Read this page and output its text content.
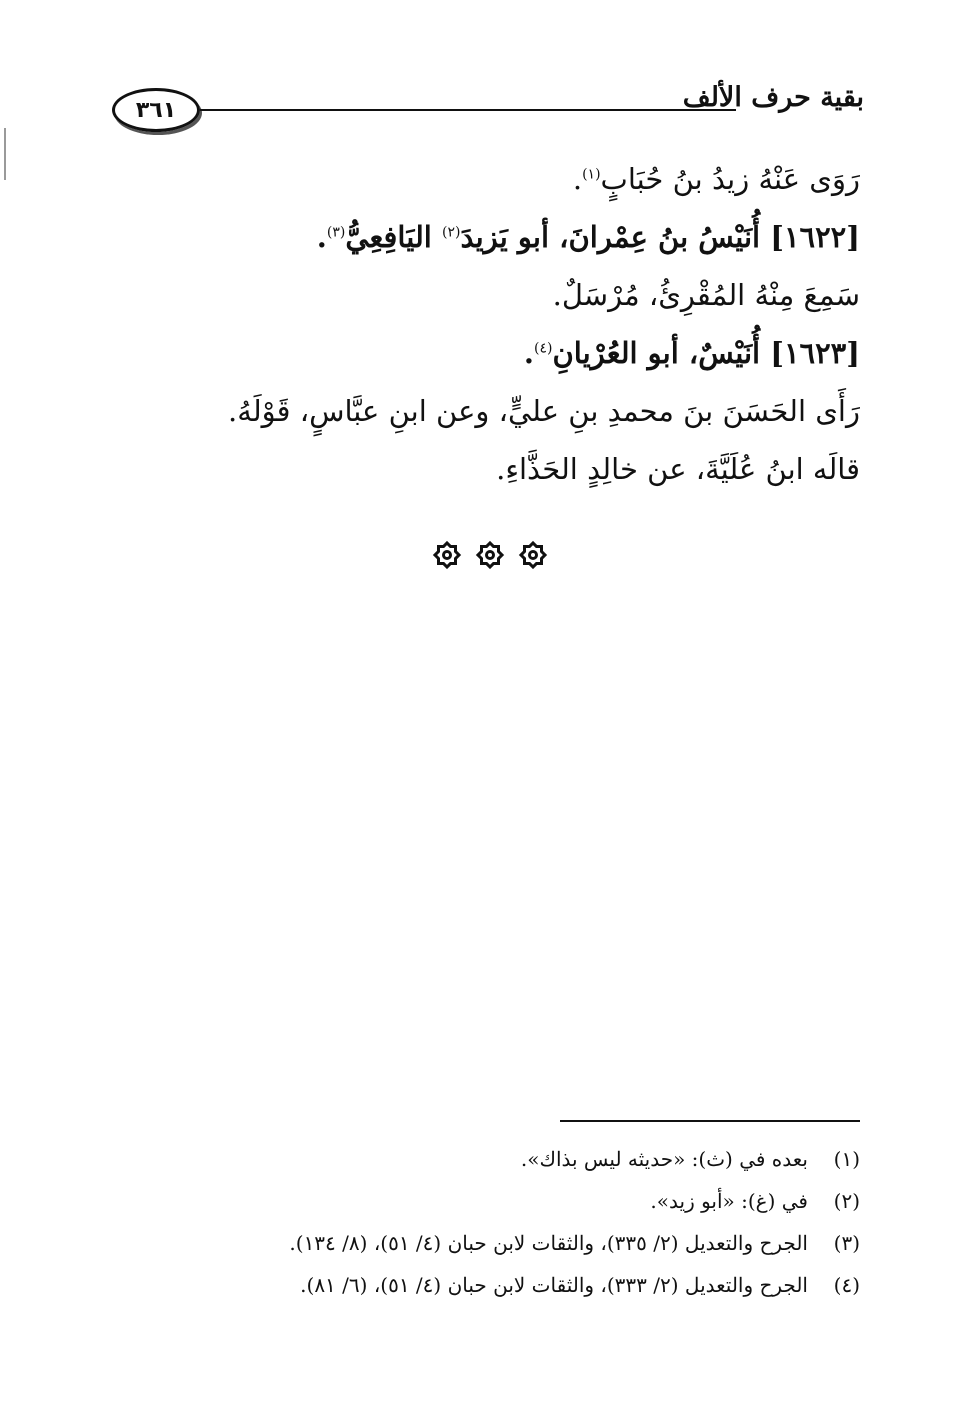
٣٦١	بقية حرف الألف
رَوَى عَنْهُ زيدُ بنُ حُبَابٍ$^{(١)}$.
[١٦٢٢] أُنَيْسُ بنُ عِمْرانَ، أبو يَزيدَ$^{(٢)}$ اليَافِعِيُّ$^{(٣)}$.
سَمِعَ مِنْهُ المُقْرِئُ، مُرْسَلٌ.
[١٦٢٣] أُنَيْسٌ، أبو العُرْيانِ$^{(٤)}$.
رَأَى الحَسَنَ بنَ محمدِ بنِ عليٍّ، وعن ابنِ عبَّاسٍ، قَوْلَهُ.
قالَه ابنُ عُلَيَّةَ، عن خالِدٍ الحَذَّاءِ.
(١)بعده في (ث): «حديثه ليس بذاك».
(٢)في (غ): «أبو زيد».
(٣)الجرح والتعديل (٢/ ٣٣٥)، والثقات لابن حبان (٤/ ٥١)، (٨/ ١٣٤).
(٤)الجرح والتعديل (٢/ ٣٣٣)، والثقات لابن حبان (٤/ ٥١)، (٦/ ٨١).
